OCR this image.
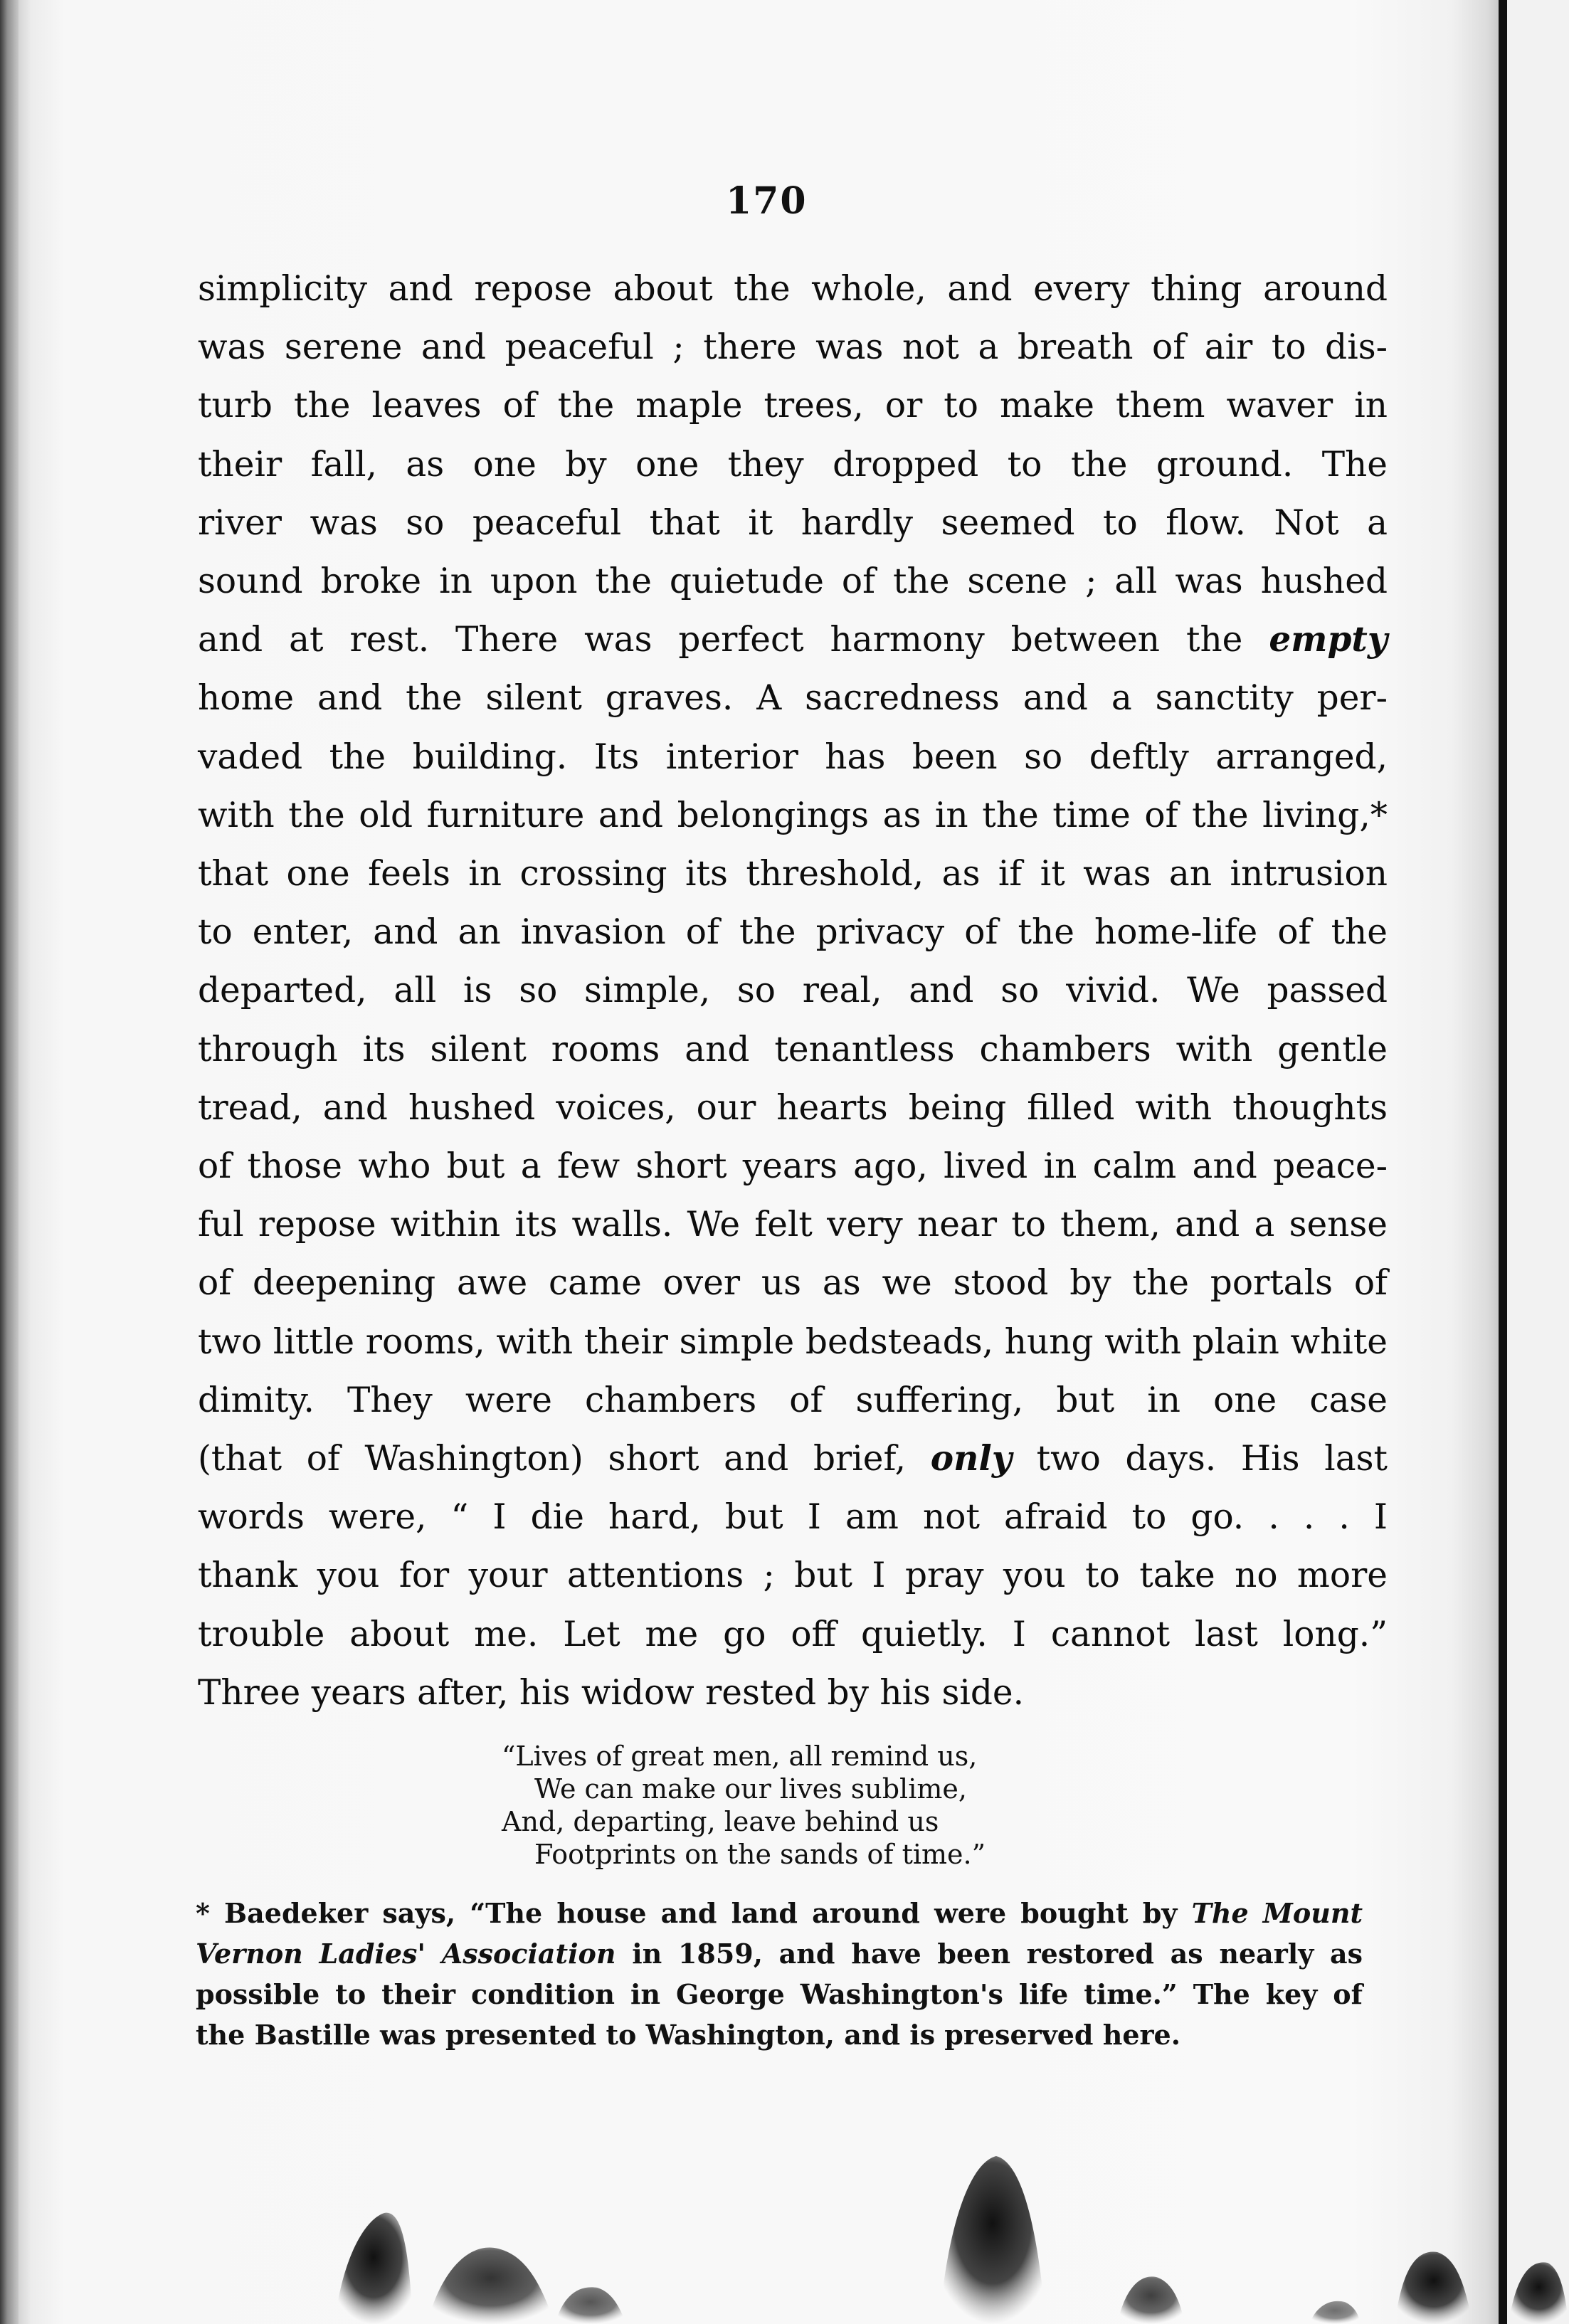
170

simplicity and repose about the whole, and every thing around
was serene and peaceful ; there was not a breath of air to dis-
turb the leaves of the maple trees, or to make them waver in
their fall, as one by one they dropped to the ground. The
river was so peaceful that it hardly seemed to flow. Not a
sound broke in upon the quietude of the scene ; all was hushed
and at rest. There was perfect harmony between the empty
home and the silent graves. A sacredness and a sanctity per-
vaded the building. Its interior has been so deftly arranged,
with the old furniture and belongings as in the time of the living,*
that one feels in crossing its threshold, as if it was an intrusion
to enter, and an invasion of the privacy of the home-life of the
departed, all is so simple, so real, and so vivid. We passed
through its silent rooms and tenantless chambers with gentle
tread, and hushed voices, our hearts being filled with thoughts
of those who but a few short years ago, lived in calm and peace-
ful repose within its walls. We felt very near to them, and a sense
of deepening awe came over us as we stood by the portals of
two little rooms, with their simple bedsteads, hung with plain white
dimity. They were chambers of suffering, but in one case
(that of Washington) short and brief, only two days. His last
words were, “ I die hard, but I am not afraid to go. . . . I
thank you for your attentions ; but I pray you to take no more
trouble about me. Let me go off quietly. I cannot last long.”
Three years after, his widow rested by his side.

“Lives of great men, all remind us,
We can make our lives sublime,
And, departing, leave behind us
Footprints on the sands of time.”
* Baedeker says, “The house and land around were bought by The Mount
Vernon Ladies' Association in 1859, and have been restored as nearly as
possible to their condition in George Washington's life time.” The key of
the Bastille was presented to Washington, and is preserved here.
